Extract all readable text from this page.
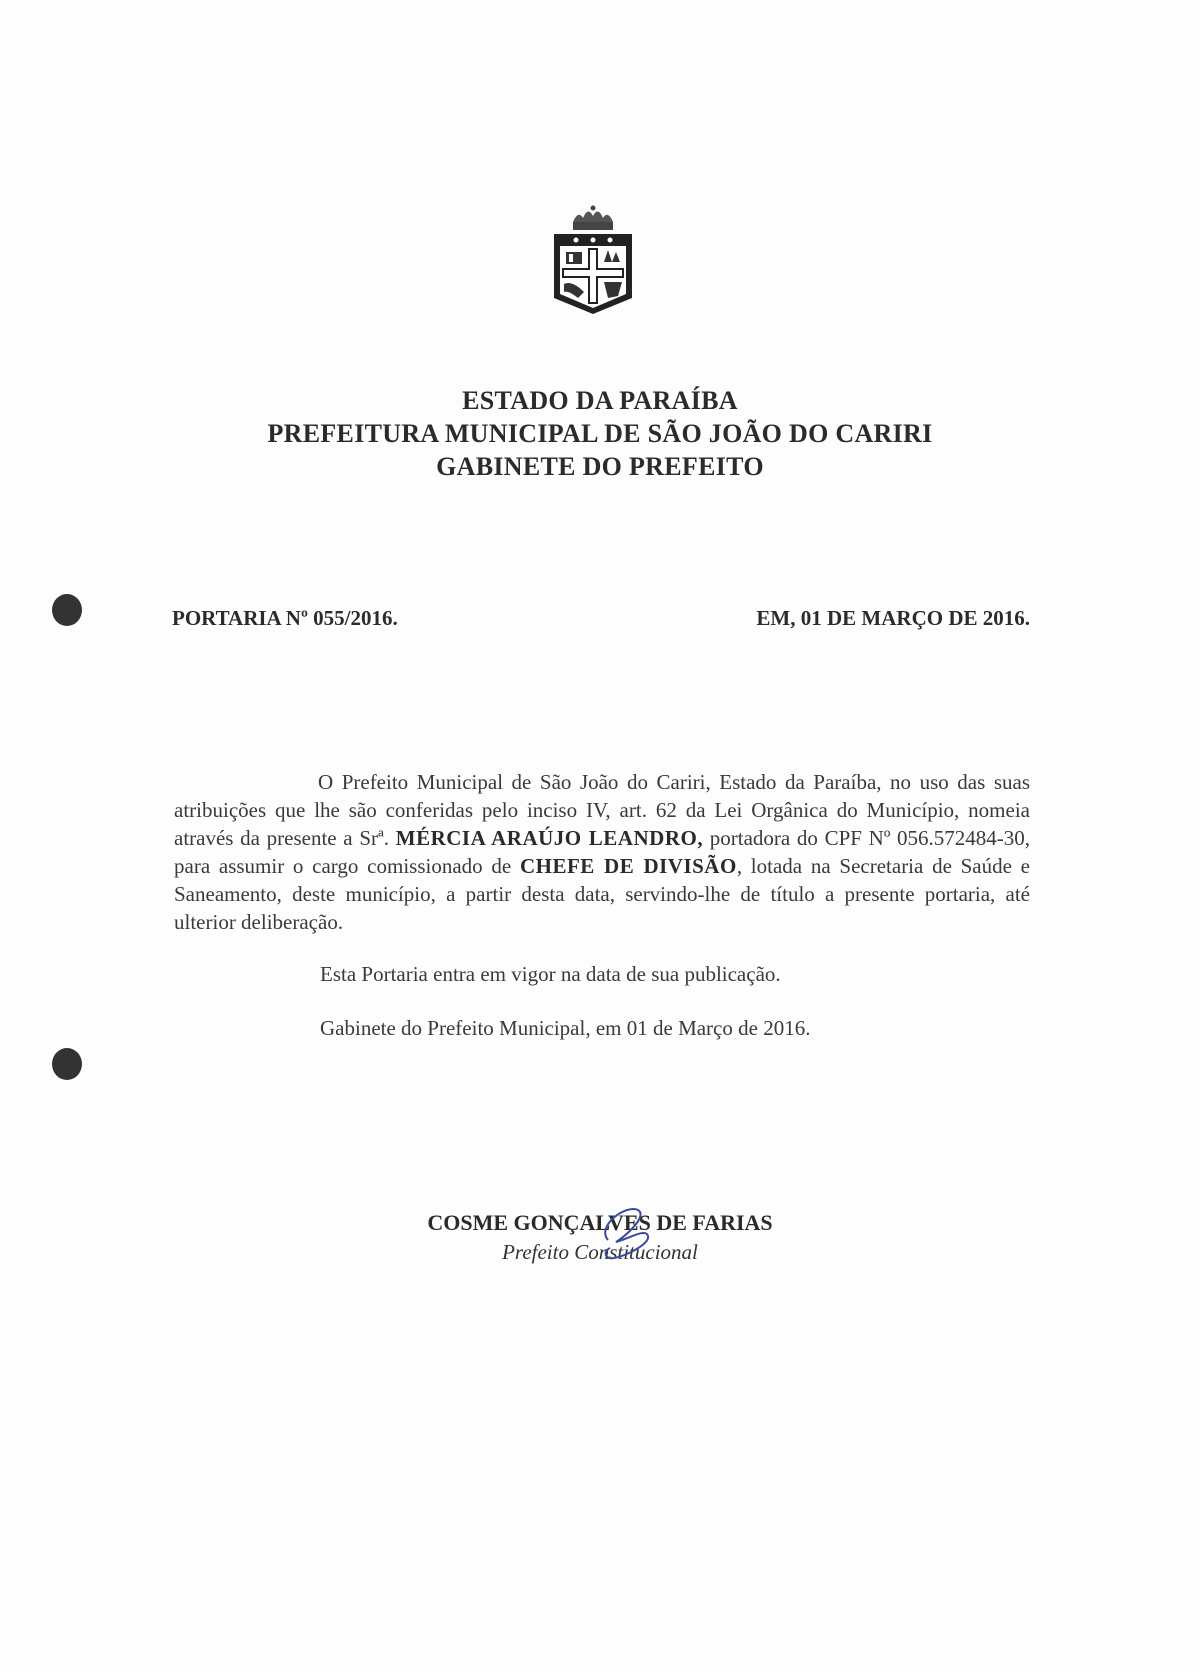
ESTADO DA PARAÍBA
PREFEITURA MUNICIPAL DE SÃO JOÃO DO CARIRI
GABINETE DO PREFEITO
PORTARIA Nº 055/2016.	EM, 01 DE MARÇO DE 2016.
O Prefeito Municipal de São João do Cariri, Estado da Paraíba, no uso das suas atribuições que lhe são conferidas pelo inciso IV, art. 62 da Lei Orgânica do Município, nomeia através da presente a Srª. MÉRCIA ARAÚJO LEANDRO, portadora do CPF Nº 056.572484-30, para assumir o cargo comissionado de CHEFE DE DIVISÃO, lotada na Secretaria de Saúde e Saneamento, deste município, a partir desta data, servindo-lhe de título a presente portaria, até ulterior deliberação.
Esta Portaria entra em vigor na data de sua publicação.
Gabinete do Prefeito Municipal, em 01 de Março de 2016.
COSME GONÇALVES DE FARIAS
Prefeito Constitucional
